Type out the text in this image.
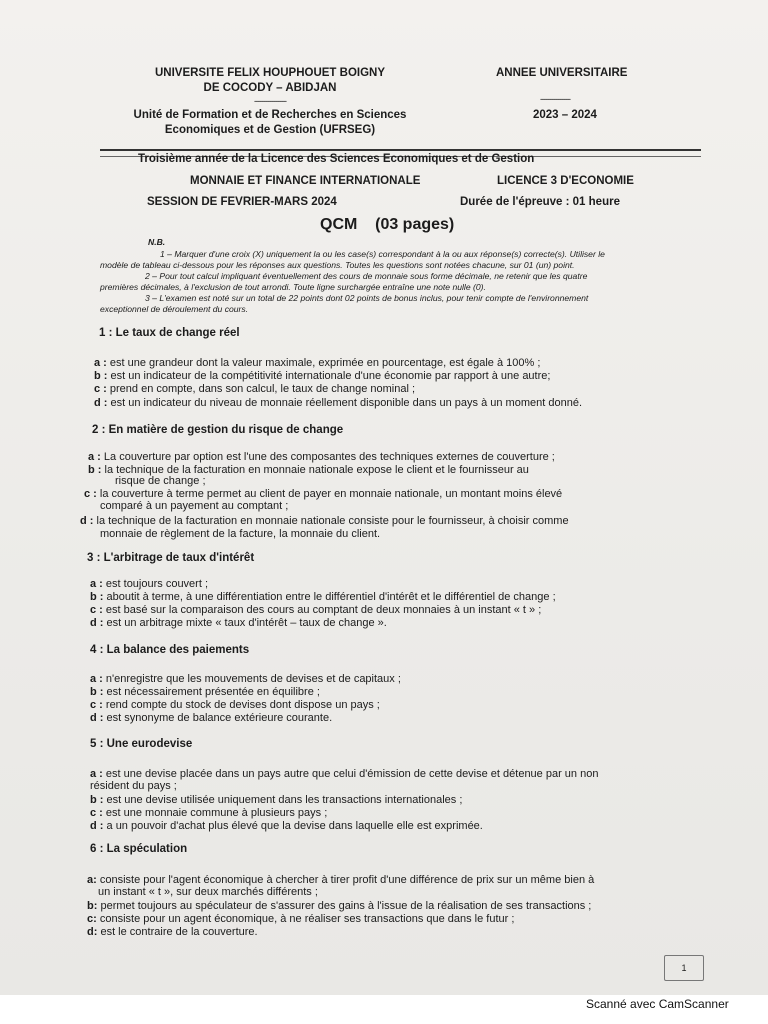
UNIVERSITE FELIX HOUPHOUET BOIGNY
DE COCODY – ABIDJAN
----------------
Unité de Formation et de Recherches en Sciences
Economiques et de Gestion (UFRSEG)
ANNEE UNIVERSITAIRE
---------------
2023 – 2024
Troisième année de la Licence des Sciences Economiques et de Gestion
MONNAIE ET FINANCE INTERNATIONALE	LICENCE 3 D'ECONOMIE
SESSION DE FEVRIER-MARS 2024	Durée de l'épreuve : 01 heure
QCM (03 pages)
N.B.
1 – Marquer d'une croix (X) uniquement la ou les case(s) correspondant à la ou aux réponse(s) correcte(s). Utiliser le
modèle de tableau ci-dessous pour les réponses aux questions. Toutes les questions sont notées chacune, sur 01 (un) point.
2 – Pour tout calcul impliquant éventuellement des cours de monnaie sous forme décimale, ne retenir que les quatre
premières décimales, à l'exclusion de tout arrondi. Toute ligne surchargée entraîne une note nulle (0).
3 – L'examen est noté sur un total de 22 points dont 02 points de bonus inclus, pour tenir compte de l'environnement
exceptionnel de déroulement du cours.
1 : Le taux de change réel
a : est une grandeur dont la valeur maximale, exprimée en pourcentage, est égale à 100% ;
b : est un indicateur de la compétitivité internationale d'une économie par rapport à une autre;
c : prend en compte, dans son calcul, le taux de change nominal ;
d : est un indicateur du niveau de monnaie réellement disponible dans un pays à un moment donné.
2 : En matière de gestion du risque de change
a : La couverture par option est l'une des composantes des techniques externes de couverture ;
b : la technique de la facturation en monnaie nationale expose le client et le fournisseur au
risque de change ;
c : la couverture à terme permet au client de payer en monnaie nationale, un montant moins élevé
comparé à un payement au comptant ;
d : la technique de la facturation en monnaie nationale consiste pour le fournisseur, à choisir comme
monnaie de règlement de la facture, la monnaie du client.
3 : L'arbitrage de taux d'intérêt
a : est toujours couvert ;
b : aboutit à terme, à une différentiation entre le différentiel d'intérêt et le différentiel de change ;
c : est basé sur la comparaison des cours au comptant de deux monnaies à un instant « t » ;
d : est un arbitrage mixte « taux d'intérêt – taux de change ».
4 : La balance des paiements
a : n'enregistre que les mouvements de devises et de capitaux ;
b : est nécessairement présentée en équilibre ;
c : rend compte du stock de devises dont dispose un pays ;
d : est synonyme de balance extérieure courante.
5 : Une eurodevise
a : est une devise placée dans un pays autre que celui d'émission de cette devise et détenue par un non
résident du pays ;
b : est une devise utilisée uniquement dans les transactions internationales ;
c : est une monnaie commune à plusieurs pays ;
d : a un pouvoir d'achat plus élevé que la devise dans laquelle elle est exprimée.
6 : La spéculation
a: consiste pour l'agent économique à chercher à tirer profit d'une différence de prix sur un même bien à
un instant « t », sur deux marchés différents ;
b: permet toujours au spéculateur de s'assurer des gains à l'issue de la réalisation de ses transactions ;
c: consiste pour un agent économique, à ne réaliser ses transactions que dans le futur ;
d: est le contraire de la couverture.
1
Scanné avec CamScanner
